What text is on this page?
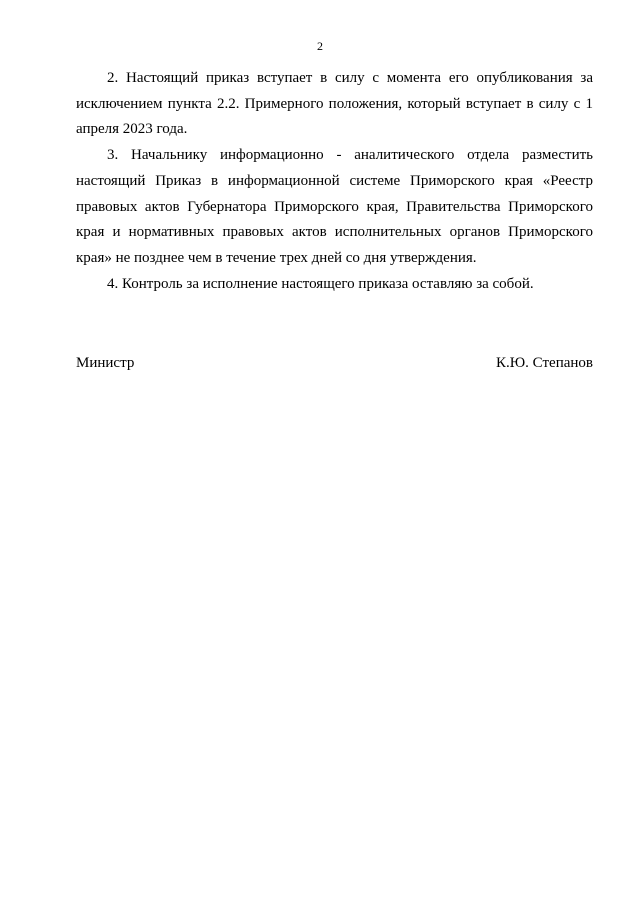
2

2. Настоящий приказ вступает в силу с момента его опубликования за исключением пункта 2.2. Примерного положения, который вступает в силу с 1 апреля 2023 года.

3. Начальнику информационно - аналитического отдела разместить настоящий Приказ в информационной системе Приморского края «Реестр правовых актов Губернатора Приморского края, Правительства Приморского края и нормативных правовых актов исполнительных органов Приморского края» не позднее чем в течение трех дней со дня утверждения.

4. Контроль за исполнение настоящего приказа оставляю за собой.

Министр	К.Ю. Степанов
